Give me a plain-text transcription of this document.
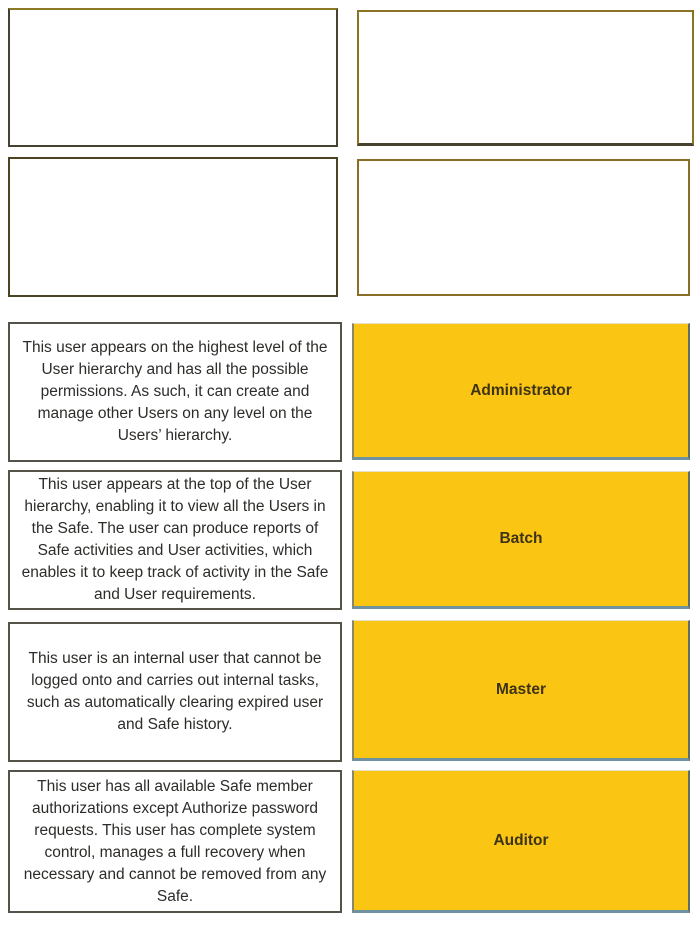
This user appears on the highest level of the User hierarchy and has all the possible permissions. As such, it can create and manage other Users on any level on the Users’ hierarchy.
Administrator
This user appears at the top of the User hierarchy, enabling it to view all the Users in the Safe. The user can produce reports of Safe activities and User activities, which enables it to keep track of activity in the Safe and User requirements.
Batch
This user is an internal user that cannot be logged onto and carries out internal tasks, such as automatically clearing expired user and Safe history.
Master
This user has all available Safe member authorizations except Authorize password requests. This user has complete system control, manages a full recovery when necessary and cannot be removed from any Safe.
Auditor
